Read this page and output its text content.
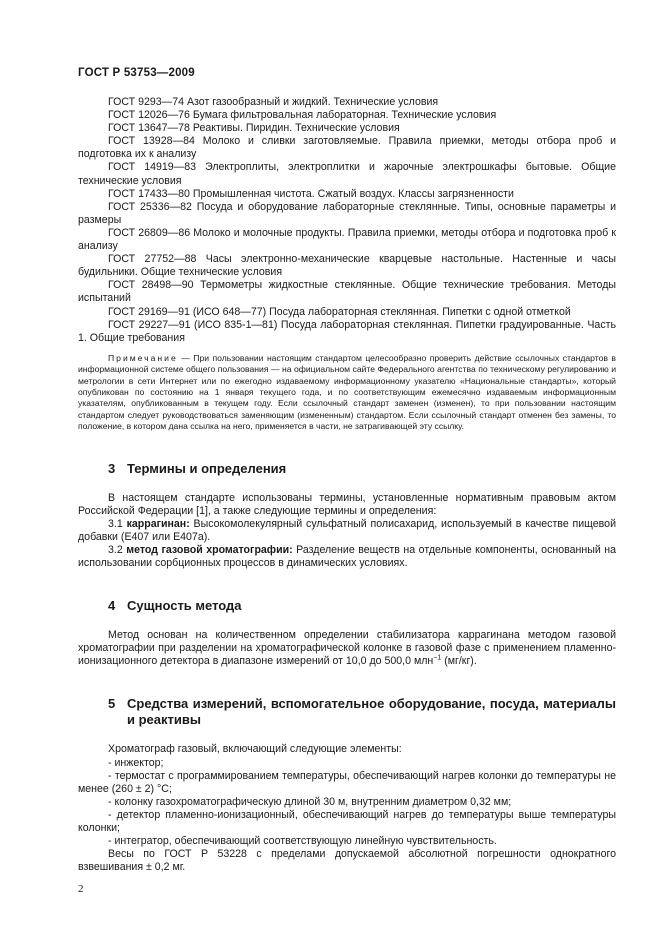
ГОСТ Р 53753—2009

ГОСТ 9293—74 Азот газообразный и жидкий. Технические условия

ГОСТ 12026—76 Бумага фильтровальная лабораторная. Технические условия

ГОСТ 13647—78 Реактивы. Пиридин. Технические условия

ГОСТ 13928—84 Молоко и сливки заготовляемые. Правила приемки, методы отбора проб и подготовка их к анализу

ГОСТ 14919—83 Электроплиты, электроплитки и жарочные электрошкафы бытовые. Общие технические условия

ГОСТ 17433—80 Промышленная чистота. Сжатый воздух. Классы загрязненности

ГОСТ 25336—82 Посуда и оборудование лабораторные стеклянные. Типы, основные параметры и размеры

ГОСТ 26809—86 Молоко и молочные продукты. Правила приемки, методы отбора и подготовка проб к анализу

ГОСТ 27752—88 Часы электронно-механические кварцевые настольные. Настенные и часы будильники. Общие технические условия

ГОСТ 28498—90 Термометры жидкостные стеклянные. Общие технические требования. Методы испытаний

ГОСТ 29169—91 (ИСО 648—77) Посуда лабораторная стеклянная. Пипетки с одной отметкой

ГОСТ 29227—91 (ИСО 835-1—81) Посуда лабораторная стеклянная. Пипетки градуированные. Часть 1. Общие требования

Примечание — При пользовании настоящим стандартом целесообразно проверить действие ссылочных стандартов в информационной системе общего пользования — на официальном сайте Федерального агентства по техническому регулированию и метрологии в сети Интернет или по ежегодно издаваемому информационному указателю «Национальные стандарты», который опубликован по состоянию на 1 января текущего года, и по соответствующим ежемесячно издаваемым информационным указателям, опубликованным в текущем году. Если ссылочный стандарт заменен (изменен), то при пользовании настоящим стандартом следует руководствоваться заменяющим (измененным) стандартом. Если ссылочный стандарт отменен без замены, то положение, в котором дана ссылка на него, применяется в части, не затрагивающей эту ссылку.

3 Термины и определения

В настоящем стандарте использованы термины, установленные нормативным правовым актом Российской Федерации [1], а также следующие термины и определения:

3.1 каррагинан: Высокомолекулярный сульфатный полисахарид, используемый в качестве пищевой добавки (Е407 или Е407а).

3.2 метод газовой хроматографии: Разделение веществ на отдельные компоненты, основанный на использовании сорбционных процессов в динамических условиях.

4 Сущность метода

Метод основан на количественном определении стабилизатора каррагинана методом газовой хроматографии при разделении на хроматографической колонке в газовой фазе с применением пламенно-ионизационного детектора в диапазоне измерений от 10,0 до 500,0 млн$^{-1}$ (мг/кг).

5 Средства измерений, вспомогательное оборудование, посуда, материалы и реактивы

Хроматограф газовый, включающий следующие элементы:

- инжектор;

- термостат с программированием температуры, обеспечивающий нагрев колонки до температуры не менее (260 ± 2) °C;

- колонку газохроматографическую длиной 30 м, внутренним диаметром 0,32 мм;

- детектор пламенно-ионизационный, обеспечивающий нагрев до температуры выше температуры колонки;

- интегратор, обеспечивающий соответствующую линейную чувствительность.

Весы по ГОСТ Р 53228 с пределами допускаемой абсолютной погрешности однократного взвешивания ± 0,2 мг.

2
